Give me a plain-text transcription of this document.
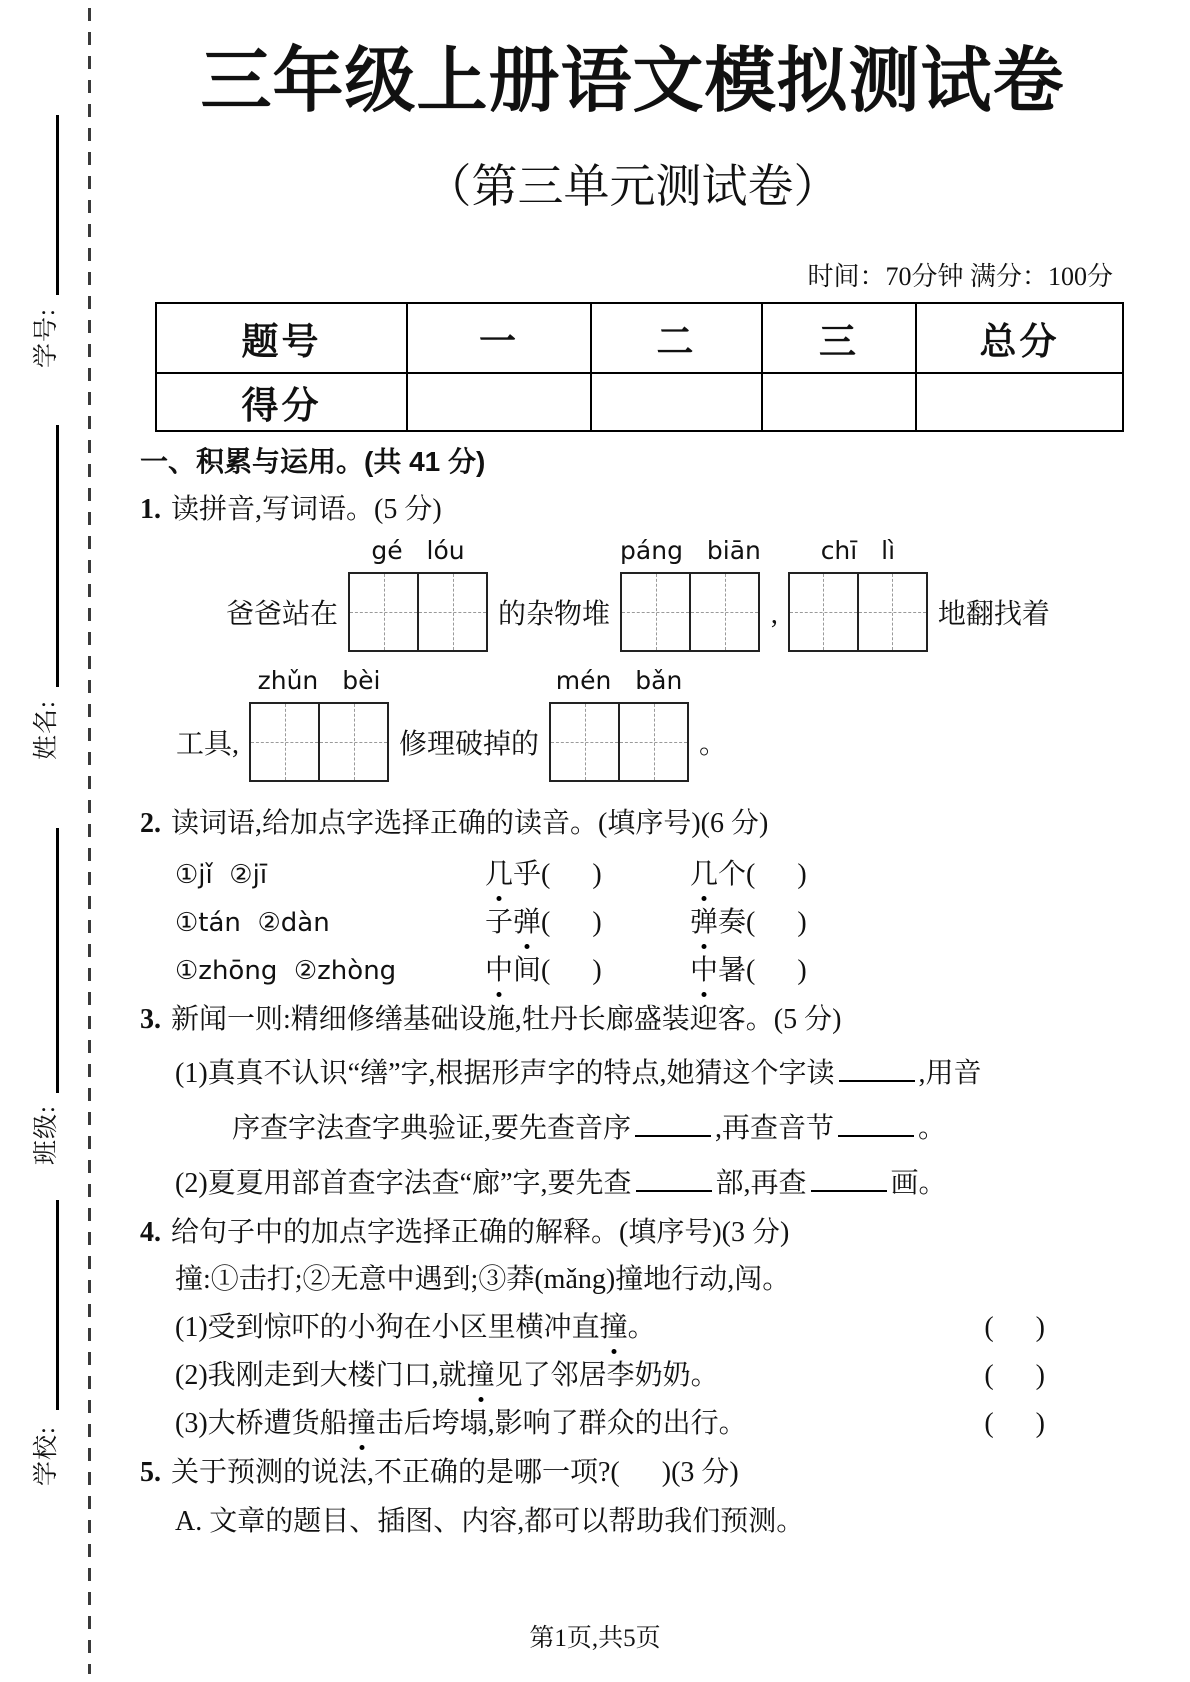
学号:
姓名:
班级:
学校:
三年级上册语文模拟测试卷
（第三单元测试卷）
时间：70分钟 满分：100分
题号	一	二	三	总分
得分				
一、积累与运用。(共 41 分)
1. 读拼音,写词语。(5 分)
爸爸站在
gé lóu
的杂物堆
páng biān
,
chī lì
地翻找着
工具,
zhǔn bèi
修理破掉的
mén bǎn
。
2. 读词语,给加点字选择正确的读音。(填序号)(6 分)
①jǐ  ②jī	几乎(      )	几个(      )
①tán  ②dàn	子弹(      )	弹奏(      )
①zhōng  ②zhòng	中间(      )	中暑(      )
3. 新闻一则:精细修缮基础设施,牡丹长廊盛装迎客。(5 分)
(1)真真不认识“缮”字,根据形声字的特点,她猜这个字读	,用音
序查字法查字典验证,要先查音序	,再查音节	。
(2)夏夏用部首查字法查“廊”字,要先查	部,再查	画。
4. 给句子中的加点字选择正确的解释。(填序号)(3 分)
撞:①击打;②无意中遇到;③莽(mǎng)撞地行动,闯。
(1)受到惊吓的小狗在小区里横冲直撞。	(      )
(2)我刚走到大楼门口,就撞见了邻居李奶奶。	(      )
(3)大桥遭货船撞击后垮塌,影响了群众的出行。	(      )
5. 关于预测的说法,不正确的是哪一项?(      )(3 分)
A. 文章的题目、插图、内容,都可以帮助我们预测。
第1页,共5页
